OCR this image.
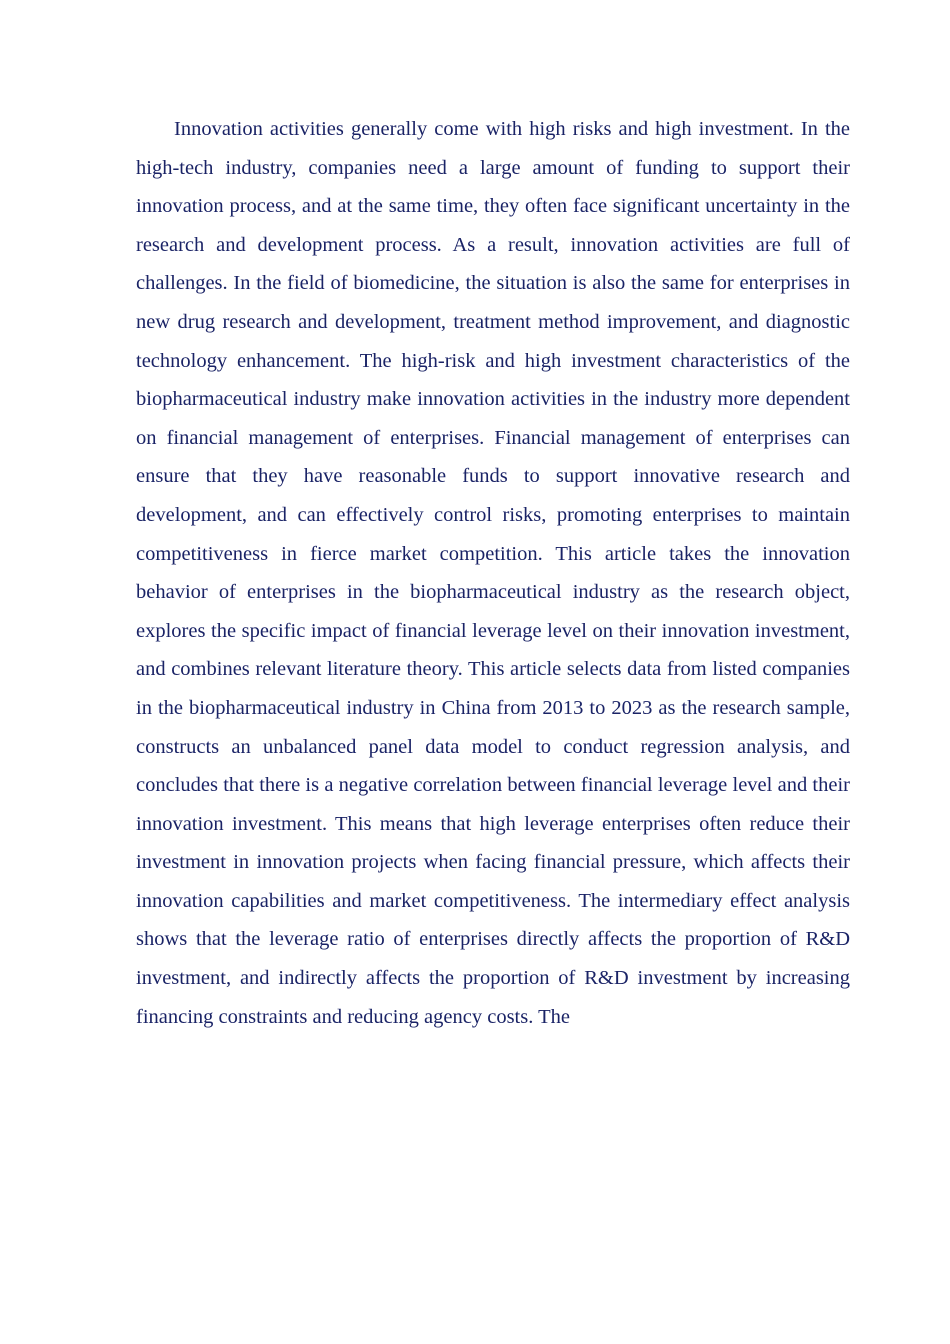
Innovation activities generally come with high risks and high investment. In the high-tech industry, companies need a large amount of funding to support their innovation process, and at the same time, they often face significant uncertainty in the research and development process. As a result, innovation activities are full of challenges. In the field of biomedicine, the situation is also the same for enterprises in new drug research and development, treatment method improvement, and diagnostic technology enhancement. The high-risk and high investment characteristics of the biopharmaceutical industry make innovation activities in the industry more dependent on financial management of enterprises. Financial management of enterprises can ensure that they have reasonable funds to support innovative research and development, and can effectively control risks, promoting enterprises to maintain competitiveness in fierce market competition. This article takes the innovation behavior of enterprises in the biopharmaceutical industry as the research object, explores the specific impact of financial leverage level on their innovation investment, and combines relevant literature theory. This article selects data from listed companies in the biopharmaceutical industry in China from 2013 to 2023 as the research sample, constructs an unbalanced panel data model to conduct regression analysis, and concludes that there is a negative correlation between financial leverage level and their innovation investment. This means that high leverage enterprises often reduce their investment in innovation projects when facing financial pressure, which affects their innovation capabilities and market competitiveness. The intermediary effect analysis shows that the leverage ratio of enterprises directly affects the proportion of R&D investment, and indirectly affects the proportion of R&D investment by increasing financing constraints and reducing agency costs. The
